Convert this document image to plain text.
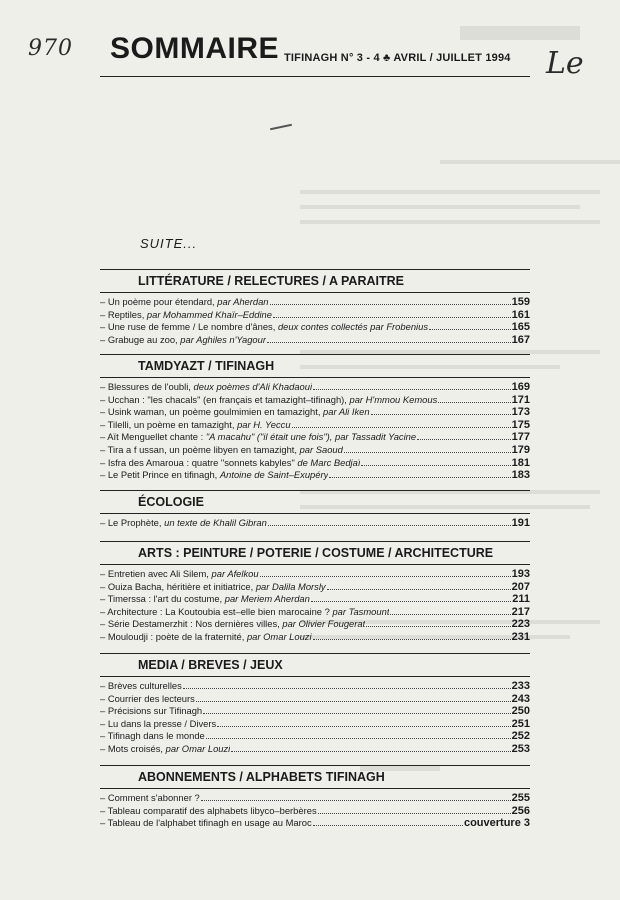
970	Le
SOMMAIRE TIFINAGH N° 3 - 4 ♣ AVRIL / JUILLET 1994
SUITE...
LITTÉRATURE / RELECTURES / A PARAITRE
– Un poème pour étendard, par Aherdan	159
– Reptiles, par Mohammed Khaïr–Eddine	161
– Une ruse de femme / Le nombre d'ânes, deux contes collectés par Frobenius	165
– Grabuge au zoo, par Aghiles n'Yagour	167
TAMDYAZT / TIFINAGH
– Blessures de l'oubli, deux poèmes d'Ali Khadaoui	169
– Ucchan : "les chacals" (en français et tamazight–tifinagh), par H'mmou Kemous	171
– Usink waman, un poème goulmimien en tamazight, par Ali Iken	173
– Tilelli, un poème en tamazight, par H. Yeccu	175
– Aït Menguellet chante : "A macahu" ("il était une fois"), par Tassadit Yacine	177
– Tira a f ussan, un poème libyen en tamazight, par Saoud	179
– Isfra des Amaroua : quatre "sonnets kabyles" de Marc Bedjaï	181
– Le Petit Prince en tifinagh, Antoine de Saint–Exupéry	183
ÉCOLOGIE
– Le Prophète, un texte de Khalil Gibran	191
ARTS : PEINTURE / POTERIE / COSTUME / ARCHITECTURE
– Entretien avec Ali Silem, par Afelkou	193
– Ouiza Bacha, héritière et initiatrice, par Dalila Morsly	207
– Timerssa : l'art du costume, par Meriem Aherdan	211
– Architecture : La Koutoubia est–elle bien marocaine ? par Tasmount	217
– Série Destamerzhit : Nos dernières villes, par Olivier Fougerat	223
– Mouloudji : poète de la fraternité, par Omar Louzi	231
MEDIA / BREVES / JEUX
– Brèves culturelles	233
– Courrier des lecteurs	243
– Précisions sur Tifinagh	250
– Lu dans la presse / Divers	251
– Tifinagh dans le monde	252
– Mots croisés, par Omar Louzi	253
ABONNEMENTS / ALPHABETS TIFINAGH
– Comment s'abonner ?	255
– Tableau comparatif des alphabets libyco–berbères	256
– Tableau de l'alphabet tifinagh en usage au Maroc	couverture 3
